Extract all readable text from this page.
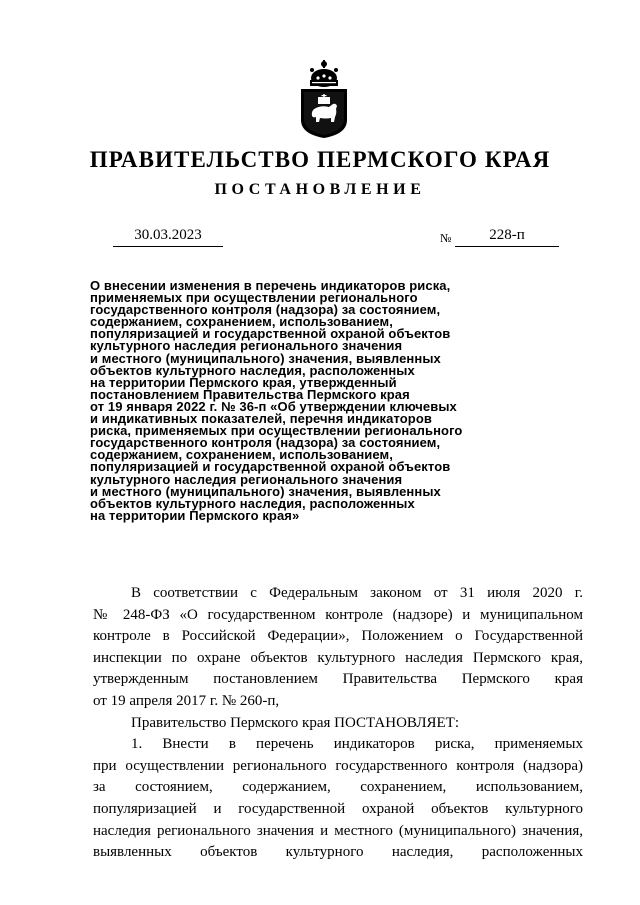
ПРАВИТЕЛЬСТВО ПЕРМСКОГО КРАЯ
ПОСТАНОВЛЕНИЕ
30.03.2023	№	228-п

О внесении изменения в перечень индикаторов риска,
применяемых при осуществлении регионального
государственного контроля (надзора) за состоянием,
содержанием, сохранением, использованием,
популяризацией и государственной охраной объектов
культурного наследия регионального значения
и местного (муниципального) значения, выявленных
объектов культурного наследия, расположенных
на территории Пермского края, утвержденный
постановлением Правительства Пермского края
от 19 января 2022 г. № 36-п «Об утверждении ключевых
и индикативных показателей, перечня индикаторов
риска, применяемых при осуществлении регионального
государственного контроля (надзора) за состоянием,
содержанием, сохранением, использованием,
популяризацией и государственной охраной объектов
культурного наследия регионального значения
и местного (муниципального) значения, выявленных
объектов культурного наследия, расположенных
на территории Пермского края»

В соответствии с Федеральным законом от 31 июля 2020 г.
№ 248-ФЗ «О государственном контроле (надзоре) и муниципальном
контроле в Российской Федерации», Положением о Государственной
инспекции по охране объектов культурного наследия Пермского края,
утвержденным постановлением Правительства Пермского края
от 19 апреля 2017 г. № 260-п,

Правительство Пермского края ПОСТАНОВЛЯЕТ:

1. Внести в перечень индикаторов риска, применяемых
при осуществлении регионального государственного контроля (надзора)
за состоянием, содержанием, сохранением, использованием,
популяризацией и государственной охраной объектов культурного
наследия регионального значения и местного (муниципального) значения,
выявленных объектов культурного наследия, расположенных
